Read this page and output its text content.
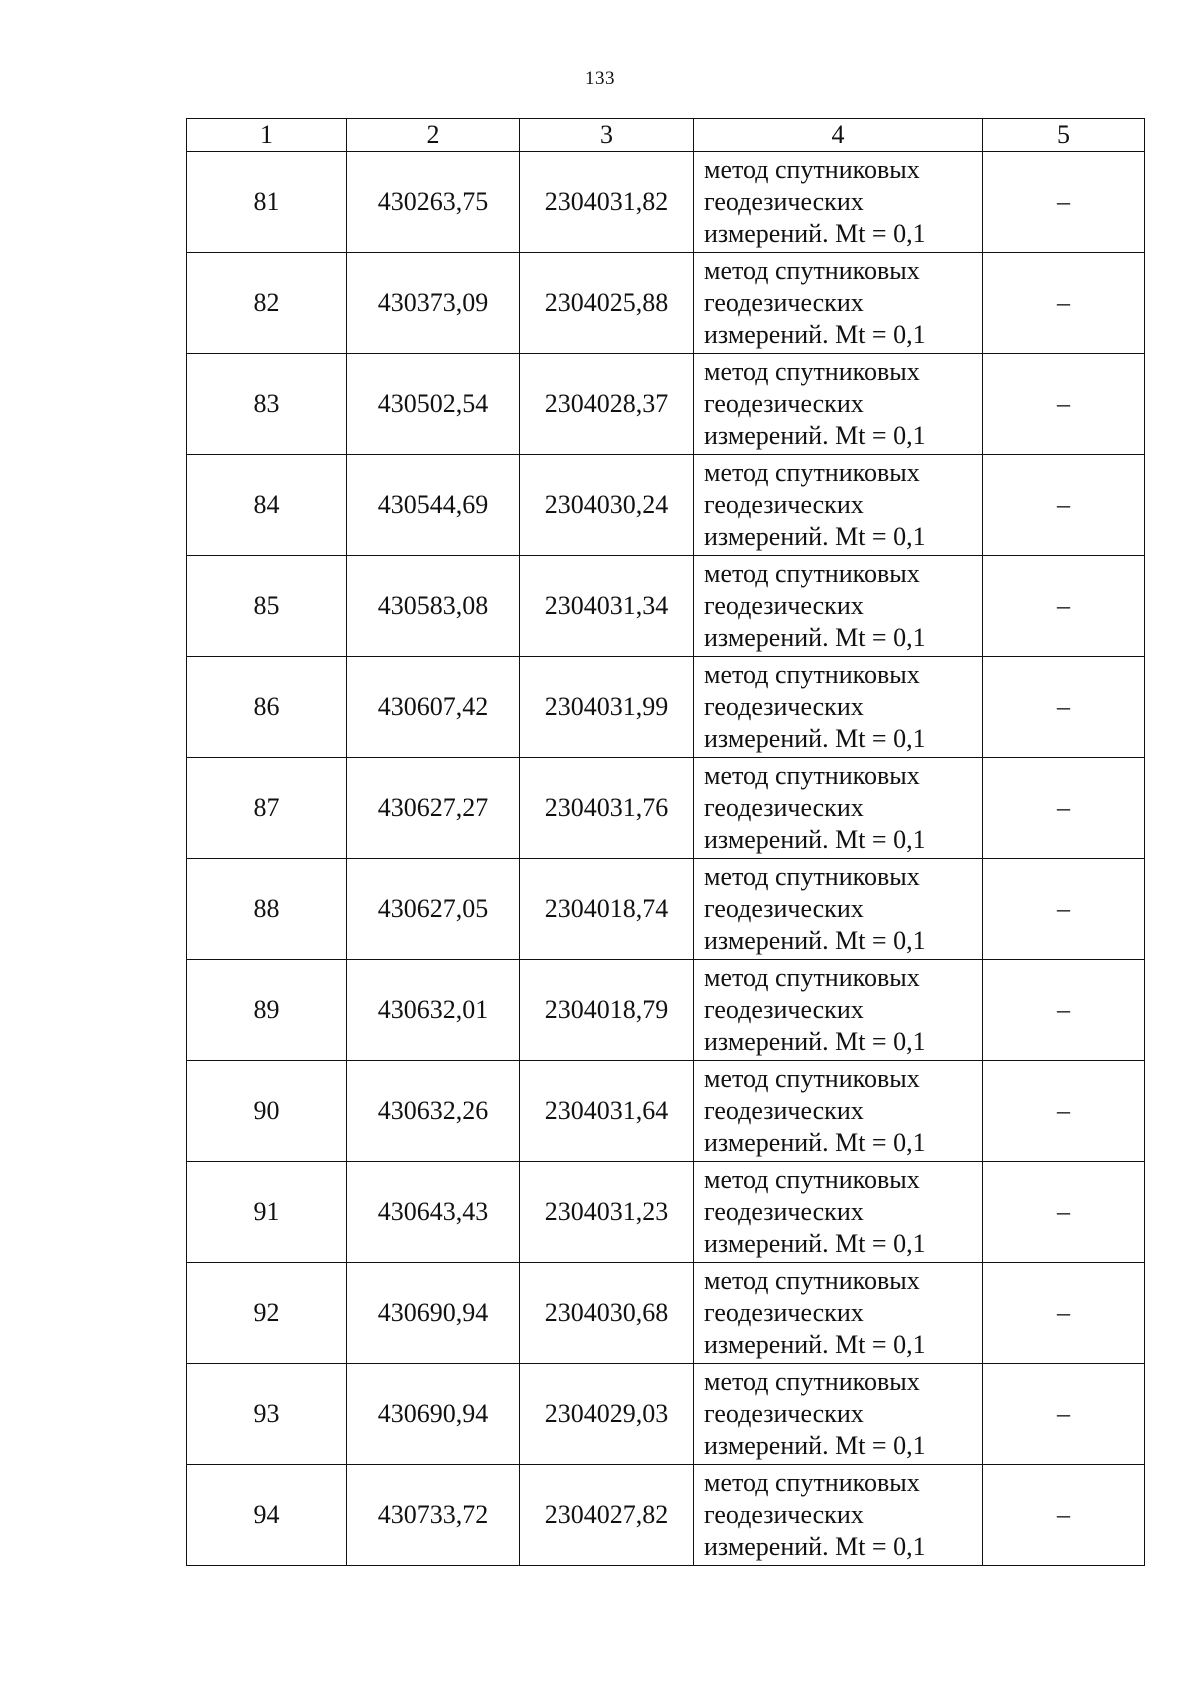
133
1	2	3	4	5
81	430263,75	2304031,82	метод спутниковых
геодезических
измерений. Mt = 0,1	–
82	430373,09	2304025,88	метод спутниковых
геодезических
измерений. Mt = 0,1	–
83	430502,54	2304028,37	метод спутниковых
геодезических
измерений. Mt = 0,1	–
84	430544,69	2304030,24	метод спутниковых
геодезических
измерений. Mt = 0,1	–
85	430583,08	2304031,34	метод спутниковых
геодезических
измерений. Mt = 0,1	–
86	430607,42	2304031,99	метод спутниковых
геодезических
измерений. Mt = 0,1	–
87	430627,27	2304031,76	метод спутниковых
геодезических
измерений. Mt = 0,1	–
88	430627,05	2304018,74	метод спутниковых
геодезических
измерений. Mt = 0,1	–
89	430632,01	2304018,79	метод спутниковых
геодезических
измерений. Mt = 0,1	–
90	430632,26	2304031,64	метод спутниковых
геодезических
измерений. Mt = 0,1	–
91	430643,43	2304031,23	метод спутниковых
геодезических
измерений. Mt = 0,1	–
92	430690,94	2304030,68	метод спутниковых
геодезических
измерений. Mt = 0,1	–
93	430690,94	2304029,03	метод спутниковых
геодезических
измерений. Mt = 0,1	–
94	430733,72	2304027,82	метод спутниковых
геодезических
измерений. Mt = 0,1	–
